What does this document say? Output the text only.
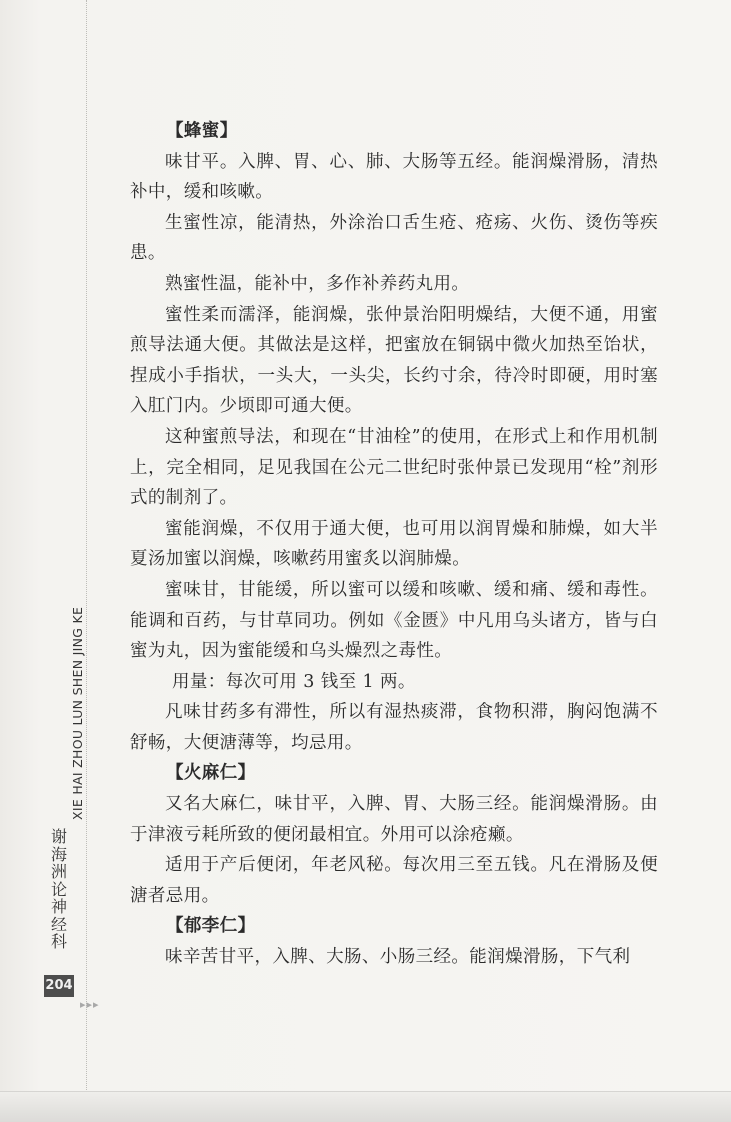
XIE HAI ZHOU LUN SHEN JING KE
谢
海
洲
论
神
经
科
204
▸▸▸

【蜂蜜】

味甘平。入脾、胃、心、肺、大肠等五经。能润燥滑肠，清热补中，缓和咳嗽。

生蜜性凉，能清热，外涂治口舌生疮、疮疡、火伤、烫伤等疾患。

熟蜜性温，能补中，多作补养药丸用。

蜜性柔而濡泽，能润燥，张仲景治阳明燥结，大便不通，用蜜煎导法通大便。其做法是这样，把蜜放在铜锅中微火加热至饴状，捏成小手指状，一头大，一头尖，长约寸余，待冷时即硬，用时塞入肛门内。少顷即可通大便。

这种蜜煎导法，和现在“甘油栓”的使用，在形式上和作用机制上，完全相同，足见我国在公元二世纪时张仲景已发现用“栓”剂形式的制剂了。

蜜能润燥，不仅用于通大便，也可用以润胃燥和肺燥，如大半夏汤加蜜以润燥，咳嗽药用蜜炙以润肺燥。

蜜味甘，甘能缓，所以蜜可以缓和咳嗽、缓和痛、缓和毒性。能调和百药，与甘草同功。例如《金匮》中凡用乌头诸方，皆与白蜜为丸，因为蜜能缓和乌头燥烈之毒性。

用量：每次可用 3 钱至 1 两。

凡味甘药多有滞性，所以有湿热痰滞，食物积滞，胸闷饱满不舒畅，大便溏薄等，均忌用。

【火麻仁】

又名大麻仁，味甘平，入脾、胃、大肠三经。能润燥滑肠。由于津液亏耗所致的便闭最相宜。外用可以涂疮癞。

适用于产后便闭，年老风秘。每次用三至五钱。凡在滑肠及便溏者忌用。

【郁李仁】

味辛苦甘平，入脾、大肠、小肠三经。能润燥滑肠，下气利
